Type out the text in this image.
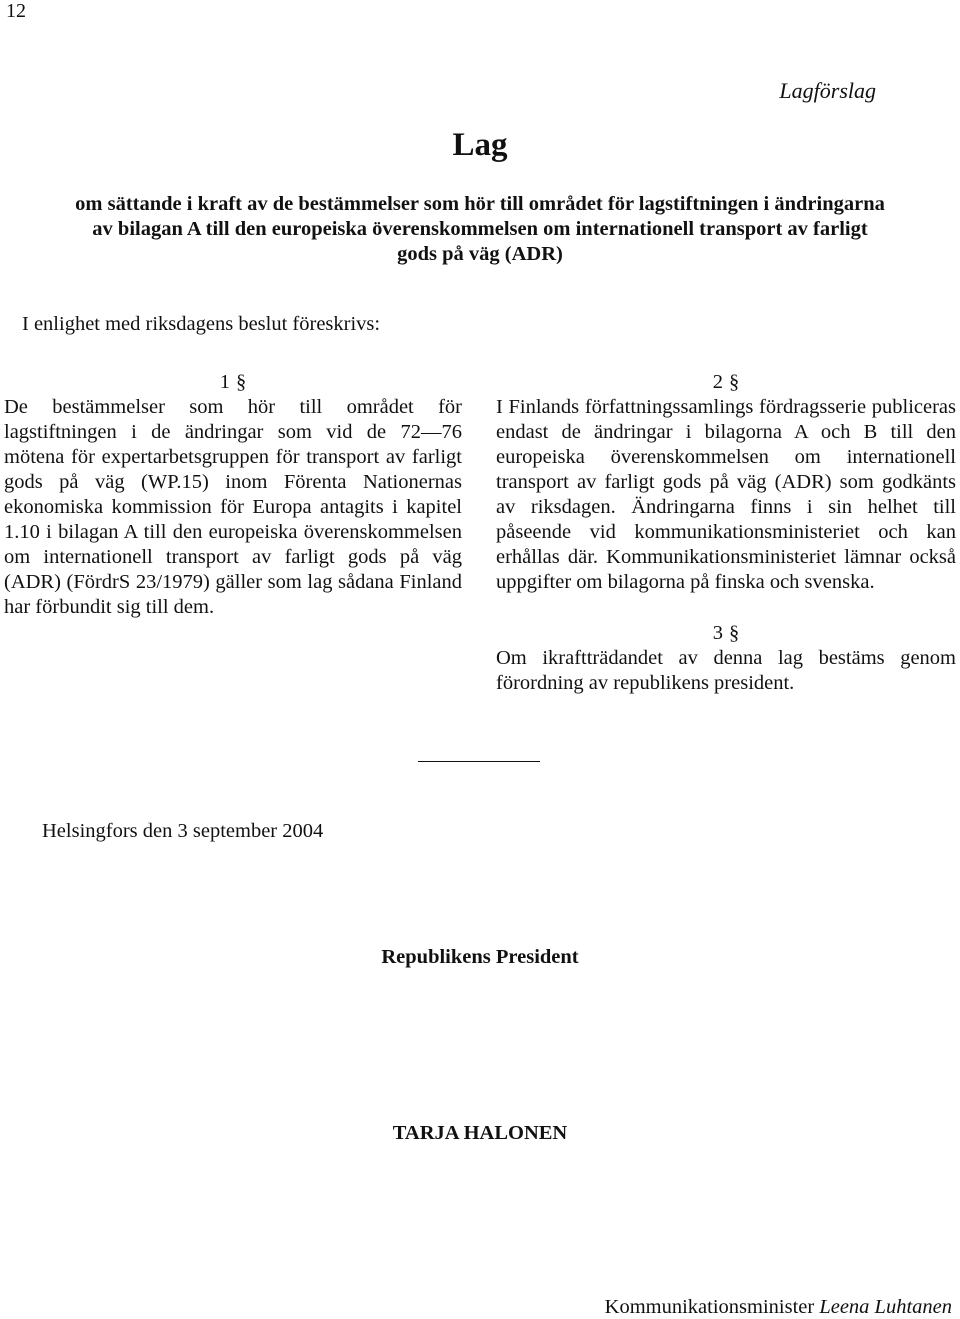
12
Lagförslag
Lag
om sättande i kraft av de bestämmelser som hör till området för lagstiftningen i ändringarna
av bilagan A till den europeiska överenskommelsen om internationell transport av farligt
gods på väg (ADR)
I enlighet med riksdagens beslut föreskrivs:

1 §

De bestämmelser som hör till området för lagstiftningen i de ändringar som vid de 72—76 mötena för expertarbetsgruppen för transport av farligt gods på väg (WP.15) inom Förenta Nationernas ekonomiska kommission för Europa antagits i kapitel 1.10 i bilagan A till den europeiska överenskommelsen om internationell transport av farligt gods på väg (ADR) (FördrS 23/1979) gäller som lag sådana Finland har förbundit sig till dem.

2 §

I Finlands författningssamlings fördragsserie publiceras endast de ändringar i bilagorna A och B till den europeiska överenskommelsen om internationell transport av farligt gods på väg (ADR) som godkänts av riksdagen. Ändringarna finns i sin helhet till påseende vid kommunikationsministeriet och kan erhållas där. Kommunikationsministeriet lämnar också uppgifter om bilagorna på finska och svenska.

3 §

Om ikraftträdandet av denna lag bestäms genom förordning av republikens president.

Helsingfors den 3 september 2004
Republikens President
TARJA HALONEN
Kommunikationsminister Leena Luhtanen
